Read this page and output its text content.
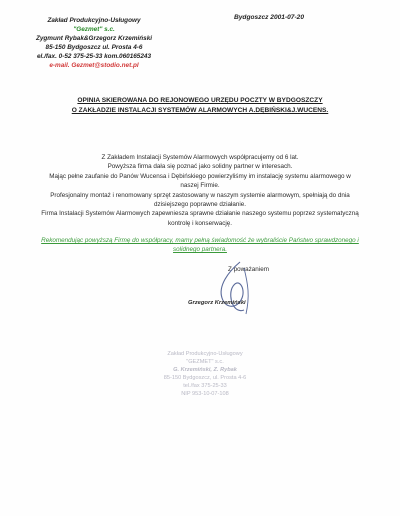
Zakład Produkcyjno-Usługowy
"Gezmet" s.c.
Zygmunt Rybak&Grzegorz Krzemiński
85-150 Bydgoszcz ul. Prosta 4-6
el./fax. 0-52 375-25-33 kom.060165243
e-mail. Gezmet@stodio.net.pl
Bydgoszcz 2001-07-20
OPINIA SKIEROWANA DO REJONOWEGO URZĘDU POCZTY W BYDGOSZCZY
O ZAKŁADZIE INSTALACJI SYSTEMÓW ALARMOWYCH A.DĘBIŃSKI&J.WUCENS.

Z Zakładem Instalacji Systemów Alarmowych współpracujemy od 6 lat.

Powyższa firma dała się poznać jako solidny partner w interesach.

Mając pełne zaufanie do Panów Wucensa i Dębińskiego powierzyliśmy im instalację systemu alarmowego w naszej Firmie.

Profesjonalny montaż i renomowany sprzęt zastosowany w naszym systemie alarmowym, spełniają do dnia dzisiejszego poprawne działanie.

Firma Instalacji Systemów Alarmowych zapewniesza sprawne działanie naszego systemu poprzez systematyczną kontrolę i konserwację.

Rekomendując powyższą Firmę do współpracy, mamy pełną świadomość że wybraliście Państwo sprawdzonego i solidnego partnera.
Z poważaniem
Grzegorz Krzemiński
Zakład Produkcyjno-Usługowy
"GEZMET" s.c.
G. Krzemiński, Z. Rybak
85-150 Bydgoszcz, ul. Prosta 4-6
tel./fax 375-25-33
NIP 953-10-07-108
